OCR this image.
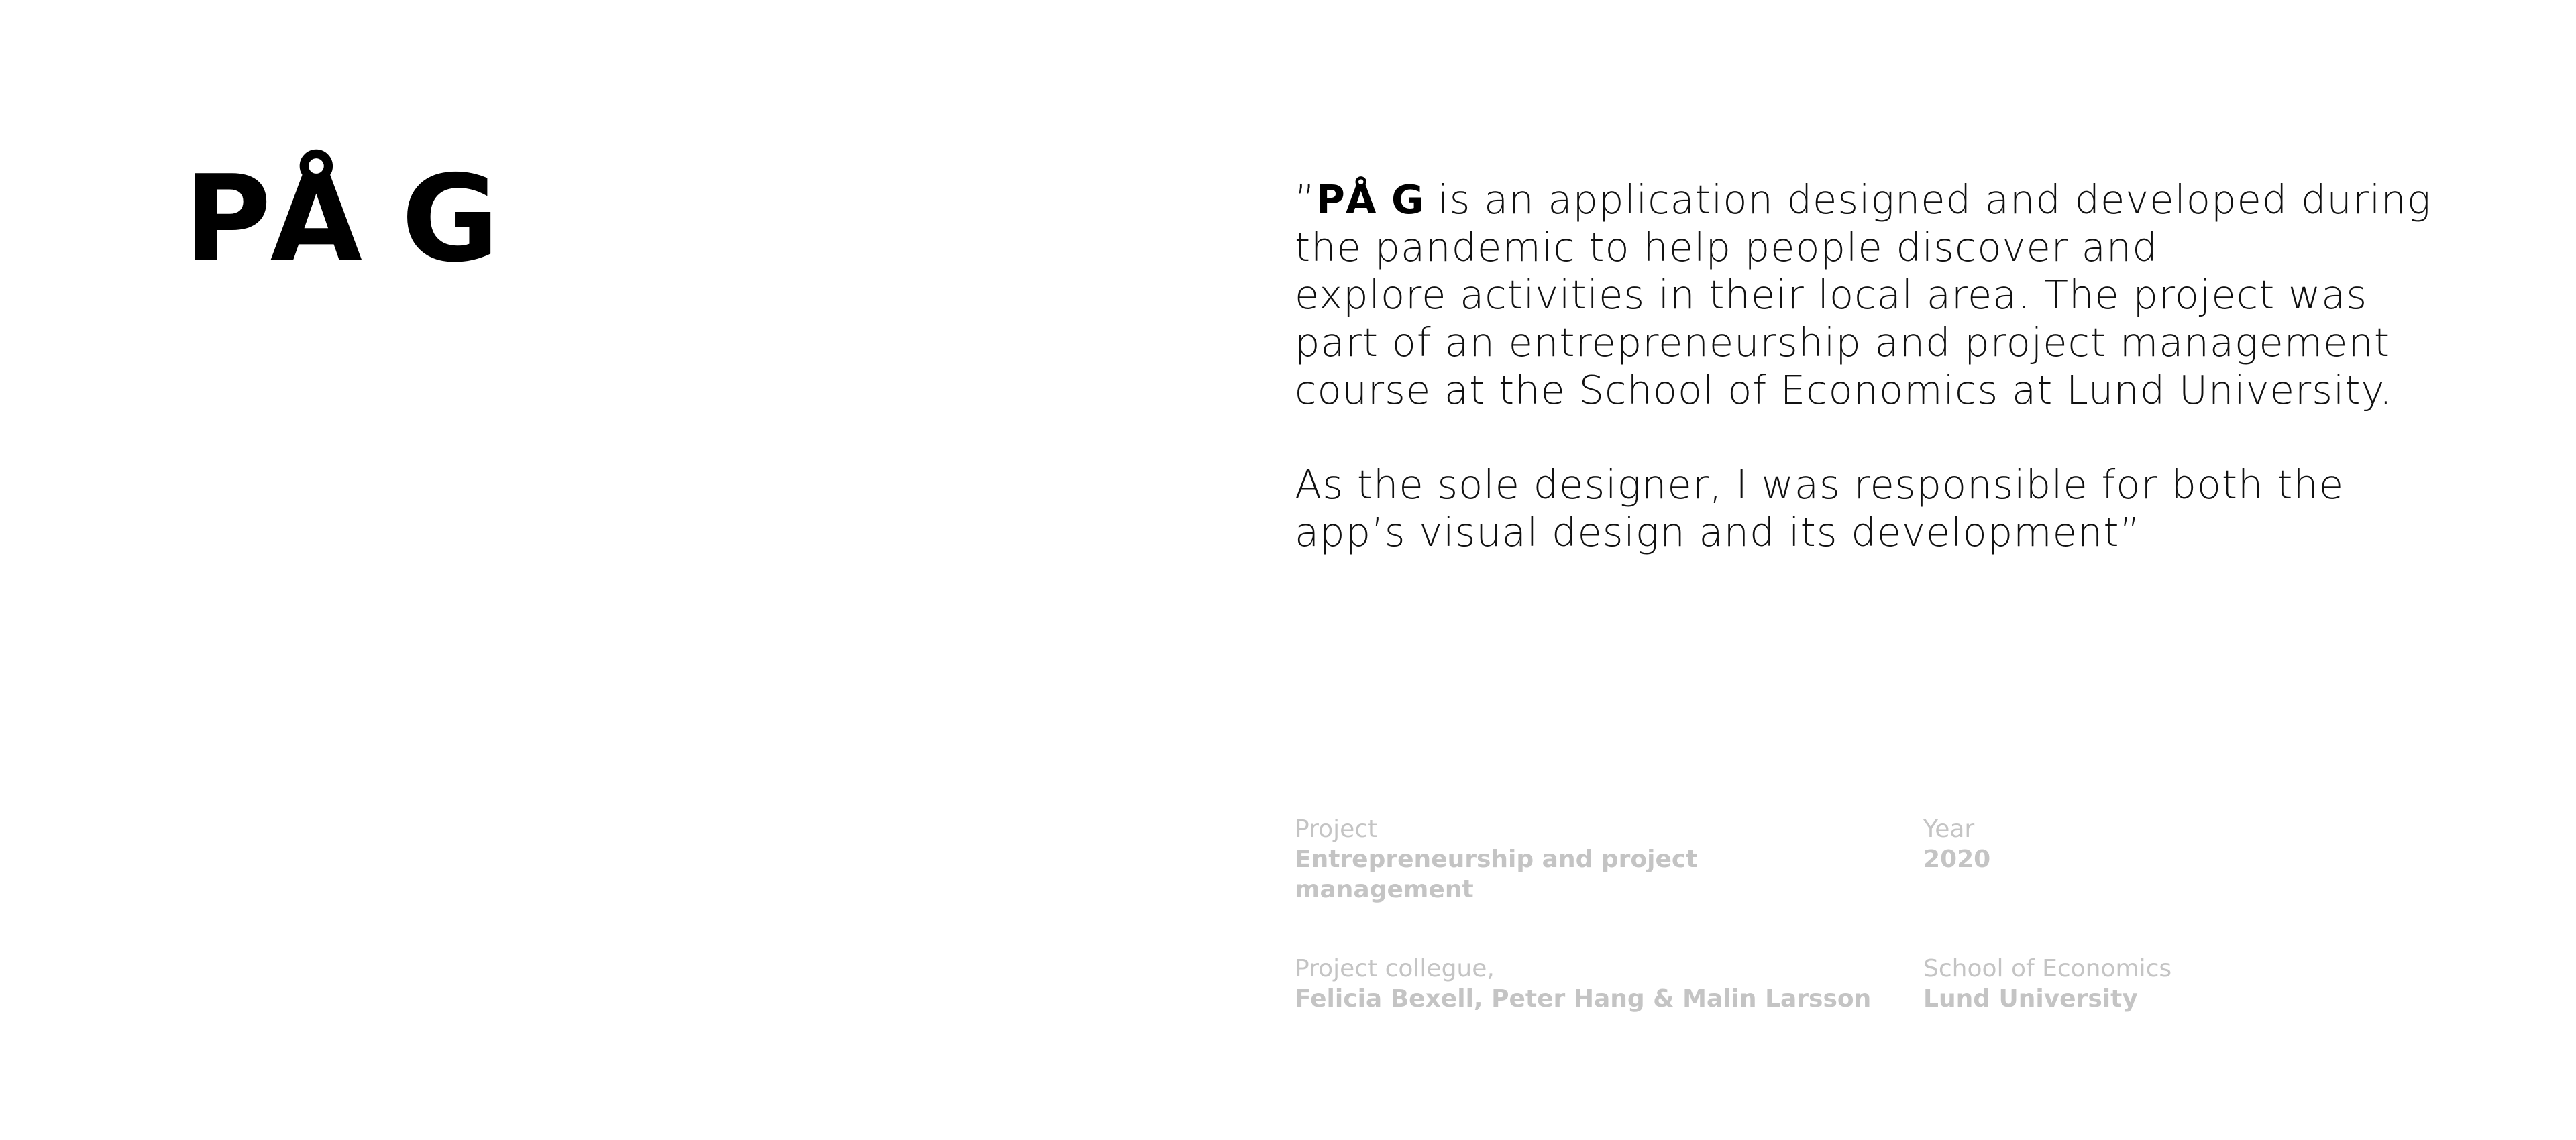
PÅ G	”PÅ G is an application designed and developed during
the pandemic to help people discover and
explore activities in their local area. The project was
part of an entrepreneurship and project management
course at the School of Economics at Lund University.

As the sole designer, I was responsible for both the
app’s visual design and its development”

Project
Entrepreneurship and project
management
Year
2020
Project collegue,
Felicia Bexell, Peter Hang & Malin Larsson
School of Economics
Lund University
